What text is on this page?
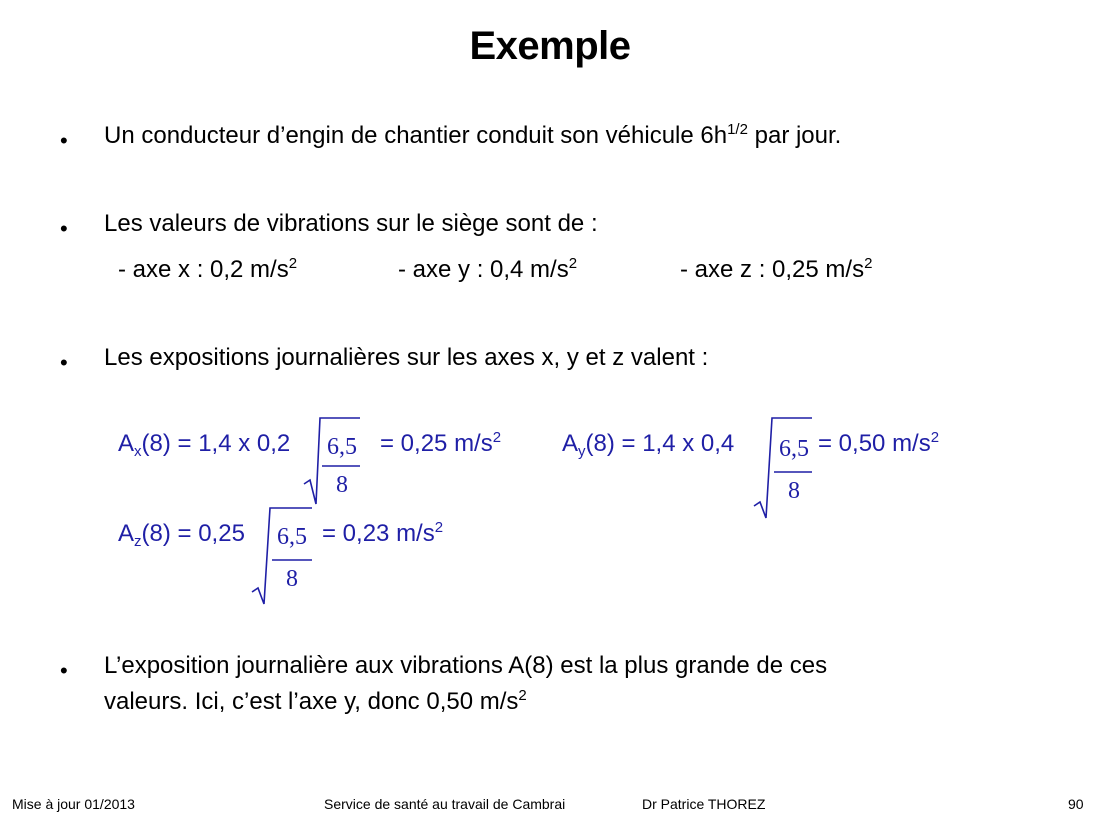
Exemple
• Un conducteur d’engin de chantier conduit son véhicule $6h^{1/2}$ par jour.
• Les valeurs de vibrations sur le siège sont de :
- axe x : 0,2 $m/s^2$	- axe y : 0,4 $m/s^2$	- axe z : 0,25 $m/s^2$
• Les expositions journalières sur les axes x, y et z valent :
$A_x(8) = 1,4$ x 0,2	6,5
8
= 0,25 $m/s^2$	$A_y(8) = 1,4$ x 0,4	6,5
8
= 0,50 $m/s^2$
$A_z(8) = 0,25$	6,5
8
= 0,23 $m/s^2$
• L’exposition journalière aux vibrations A(8) est la plus grande de ces
valeurs. Ici, c’est l’axe y, donc 0,50 $m/s^2$
Mise à jour 01/2013	Service de santé au travail de Cambrai	Dr Patrice THOREZ	90
